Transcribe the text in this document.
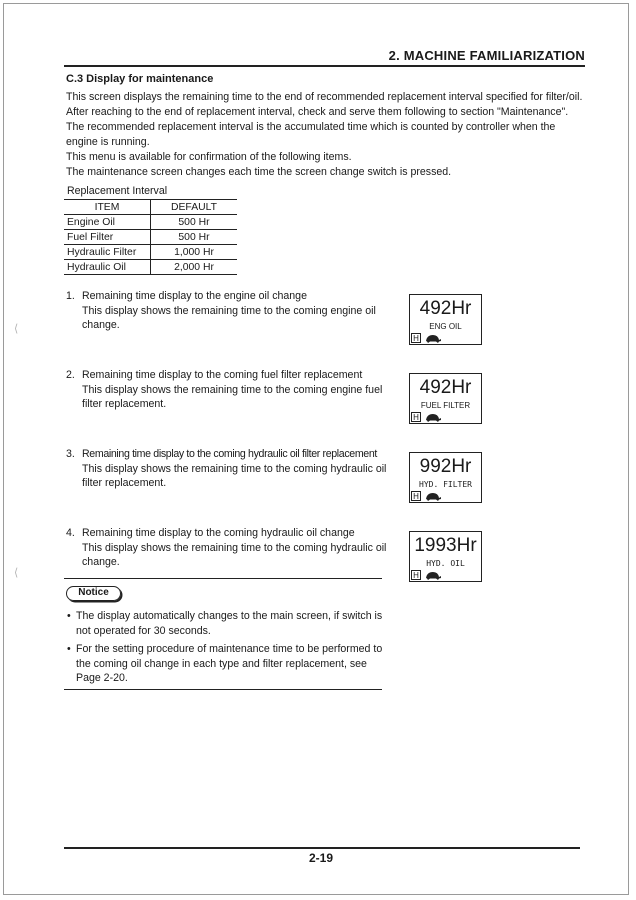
2. MACHINE FAMILIARIZATION
C.3 Display for maintenance

This screen displays the remaining time to the end of recommended replacement interval specified for filter/oil. After reaching to the end of replacement interval, check and serve them following to section "Maintenance".

The recommended replacement interval is the accumulated time which is counted by controller when the engine is running.

This menu is available for confirmation of the following items.

The maintenance screen changes each time the screen change switch is pressed.

Replacement Interval
ITEM	DEFAULT
Engine Oil	500 Hr
Fuel Filter	500 Hr
Hydraulic Filter	1,000 Hr
Hydraulic Oil	2,000 Hr
1. Remaining time display to the engine oil change
This display shows the remaining time to the coming engine oil change.
492Hr
ENG OIL
H
2. Remaining time display to the coming fuel filter replacement
This display shows the remaining time to the coming engine fuel filter replacement.
492Hr
FUEL FILTER
H
3. Remaining time display to the coming hydraulic oil filter replacement
This display shows the remaining time to the coming hydraulic oil filter replacement.
992Hr
HYD. FILTER
H
4. Remaining time display to the coming hydraulic oil change
This display shows the remaining time to the coming hydraulic oil change.
1993Hr
HYD. OIL
H
Notice
• The display automatically changes to the main screen, if switch is not operated for 30 seconds.
• For the setting procedure of maintenance time to be performed to the coming oil change in each type and filter replacement, see Page 2-20.
⟨
⟨
2-19
